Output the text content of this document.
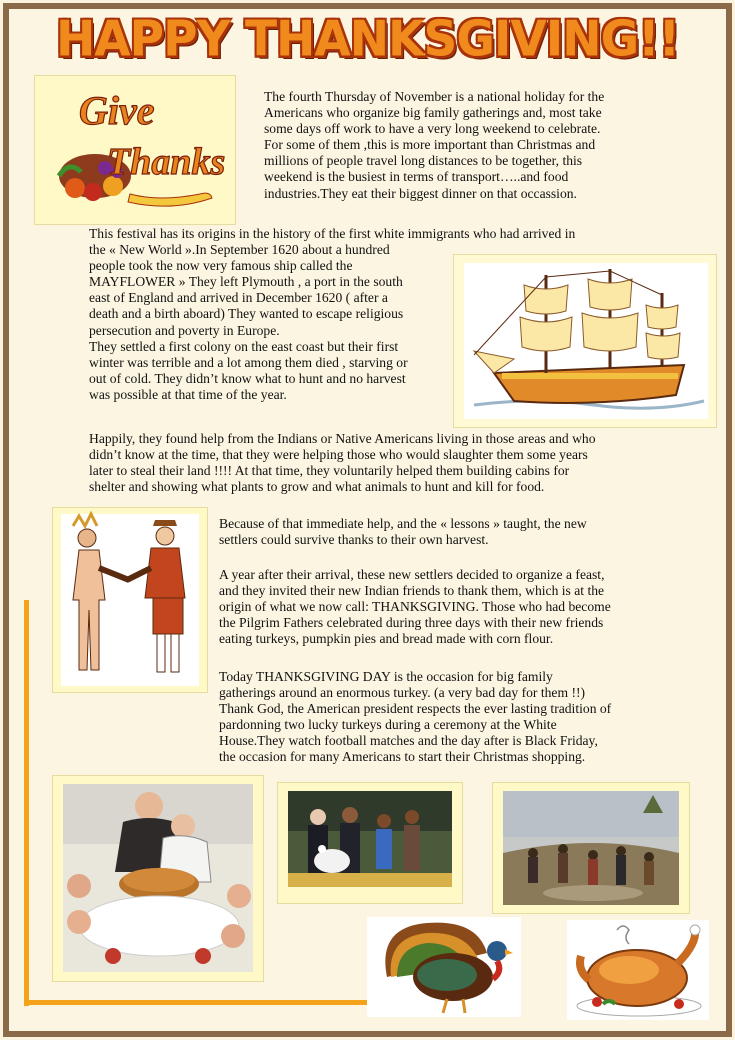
HAPPY THANKSGIVING!!
Give
Thanks
The fourth Thursday of November is a national holiday for the
Americans who organize big family gatherings and, most take
some days off work to have a very long weekend to celebrate.
For some of them ,this is more important than Christmas and
millions of people travel long distances to be together, this
weekend is the busiest in terms of transport…..and food
industries.They eat their biggest dinner on that occassion.
This festival has its origins in the history of the first white immigrants who had arrived in
the « New World ».In September 1620 about a hundred
people took the now very famous ship called the
MAYFLOWER » They left Plymouth , a port in the south
east of England and arrived in December 1620 ( after a
death and a birth aboard) They wanted to escape religious
persecution and poverty in Europe.
They settled a first colony on the east coast but their first
winter was terrible and a lot among them died , starving or
out of cold. They didn’t know what to hunt and no harvest
was possible at that time of the year.
Happily, they found help from the Indians or Native Americans living in those areas and who
didn’t know at the time, that they were helping those who would slaughter them some years
later to steal their land !!!! At that time, they voluntarily helped them building cabins for
shelter and showing what plants to grow and what animals to hunt and kill for food.
Because of that immediate help, and the « lessons » taught, the new
settlers could survive thanks to their own harvest.
A year after their arrival, these new settlers decided to organize a feast,
and they invited their new Indian friends to thank them, which is at the
origin of what we now call: THANKSGIVING. Those who had become
the Pilgrim Fathers celebrated during three days with their new friends
eating turkeys, pumpkin pies and bread made with corn flour.
Today THANKSGIVING DAY is the occasion for big family
gatherings around an enormous turkey. (a very bad day for them !!)
Thank God, the American president respects the ever lasting tradition of
pardonning two lucky turkeys during a ceremony at the White
House.They watch football matches and the day after is Black Friday,
the occasion for many Americans to start their Christmas shopping.
